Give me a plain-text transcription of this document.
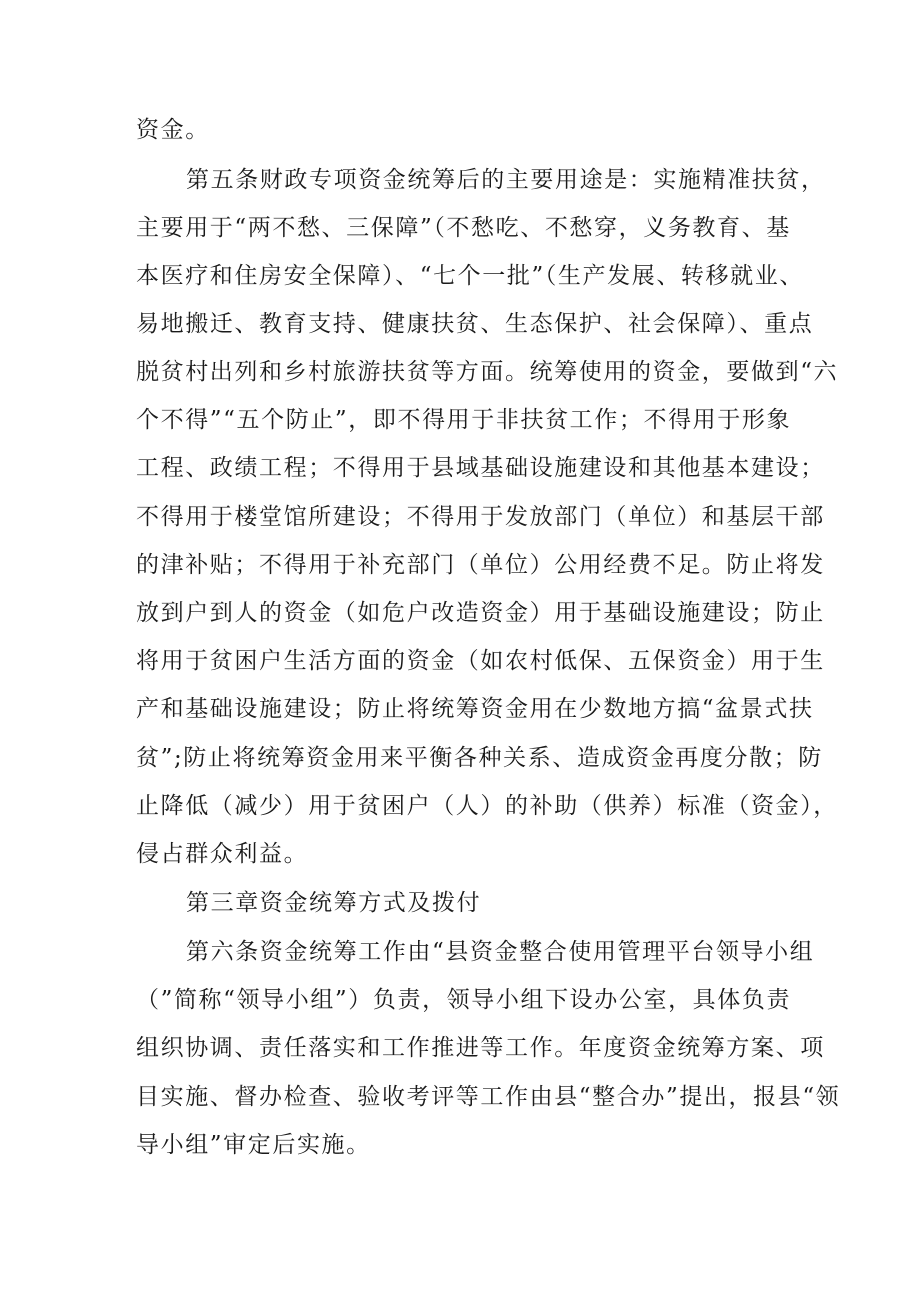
资金。
第五条财政专项资金统筹后的主要用途是：实施精准扶贫，
主要用于“两不愁、三保障”（不愁吃、不愁穿，义务教育、基
本医疗和住房安全保障）、“七个一批”（生产发展、转移就业、
易地搬迁、教育支持、健康扶贫、生态保护、社会保障）、重点
脱贫村出列和乡村旅游扶贫等方面。统筹使用的资金，要做到“六
个不得”“五个防止”，即不得用于非扶贫工作；不得用于形象
工程、政绩工程；不得用于县域基础设施建设和其他基本建设；
不得用于楼堂馆所建设；不得用于发放部门（单位）和基层干部
的津补贴；不得用于补充部门（单位）公用经费不足。防止将发
放到户到人的资金（如危户改造资金）用于基础设施建设；防止
将用于贫困户生活方面的资金（如农村低保、五保资金）用于生
产和基础设施建设；防止将统筹资金用在少数地方搞“盆景式扶
贫”;防止将统筹资金用来平衡各种关系、造成资金再度分散；防
止降低（减少）用于贫困户（人）的补助（供养）标准（资金），
侵占群众利益。
第三章资金统筹方式及拨付
第六条资金统筹工作由“县资金整合使用管理平台领导小组
（”简称“领导小组”）负责，领导小组下设办公室，具体负责
组织协调、责任落实和工作推进等工作。年度资金统筹方案、项
目实施、督办检查、验收考评等工作由县“整合办”提出，报县“领
导小组”审定后实施。
